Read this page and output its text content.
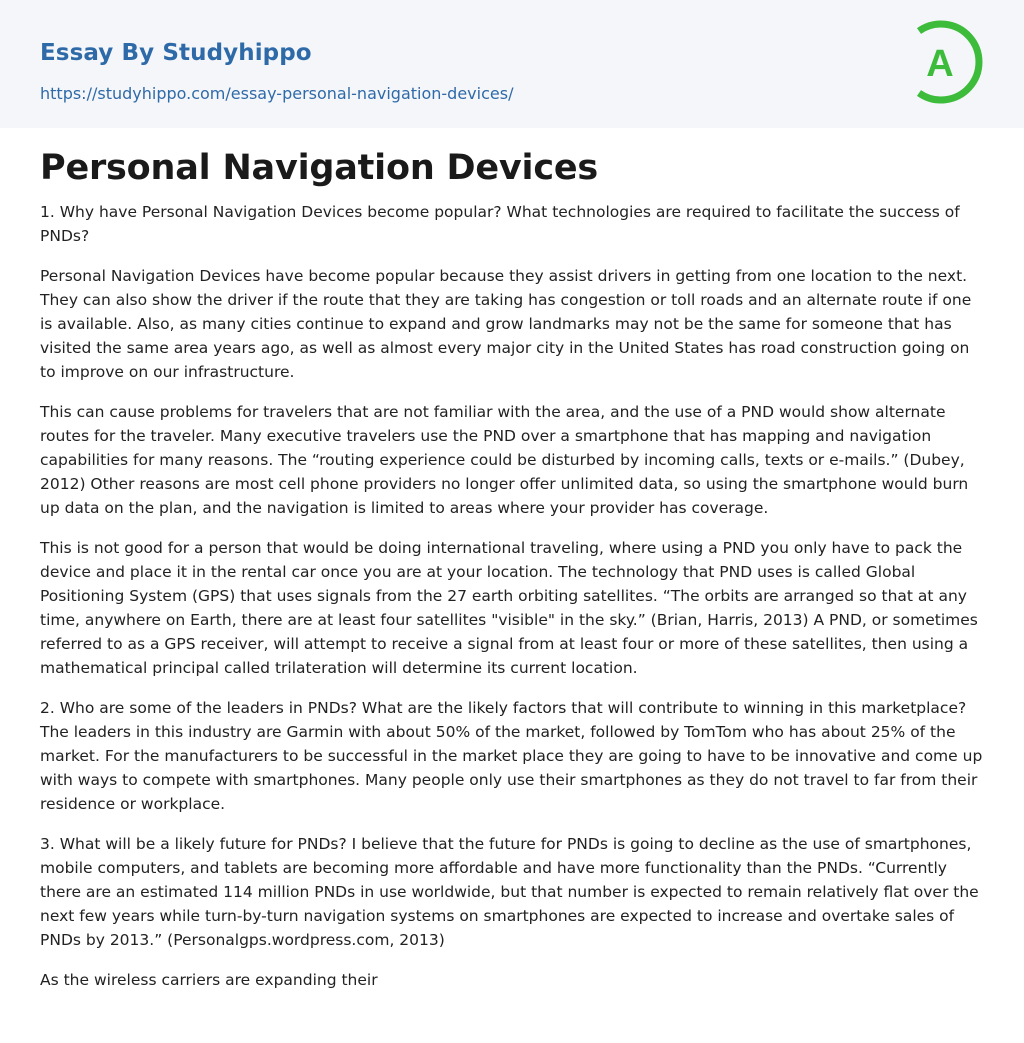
Essay By Studyhippo
https://studyhippo.com/essay-personal-navigation-devices/
A
Personal Navigation Devices

1. Why have Personal Navigation Devices become popular? What technologies are required to facilitate the success of PNDs?

Personal Navigation Devices have become popular because they assist drivers in getting from one location to the next. They can also show the driver if the route that they are taking has congestion or toll roads and an alternate route if one is available. Also, as many cities continue to expand and grow landmarks may not be the same for someone that has visited the same area years ago, as well as almost every major city in the United States has road construction going on to improve on our infrastructure.

This can cause problems for travelers that are not familiar with the area, and the use of a PND would show alternate routes for the traveler. Many executive travelers use the PND over a smartphone that has mapping and navigation capabilities for many reasons. The “routing experience could be disturbed by incoming calls, texts or e-mails.” (Dubey, 2012) Other reasons are most cell phone providers no longer offer unlimited data, so using the smartphone would burn up data on the plan, and the navigation is limited to areas where your provider has coverage.

This is not good for a person that would be doing international traveling, where using a PND you only have to pack the device and place it in the rental car once you are at your location. The technology that PND uses is called Global Positioning System (GPS) that uses signals from the 27 earth orbiting satellites. “The orbits are arranged so that at any time, anywhere on Earth, there are at least four satellites "visible" in the sky.” (Brian, Harris, 2013) A PND, or sometimes referred to as a GPS receiver, will attempt to receive a signal from at least four or more of these satellites, then using a mathematical principal called trilateration will determine its current location.

2. Who are some of the leaders in PNDs? What are the likely factors that will contribute to winning in this marketplace? The leaders in this industry are Garmin with about 50% of the market, followed by TomTom who has about 25% of the market. For the manufacturers to be successful in the market place they are going to have to be innovative and come up with ways to compete with smartphones. Many people only use their smartphones as they do not travel to far from their residence or workplace.

3. What will be a likely future for PNDs? I believe that the future for PNDs is going to decline as the use of smartphones, mobile computers, and tablets are becoming more affordable and have more functionality than the PNDs. “Currently there are an estimated 114 million PNDs in use worldwide, but that number is expected to remain relatively flat over the next few years while turn-by-turn navigation systems on smartphones are expected to increase and overtake sales of PNDs by 2013.” (Personalgps.wordpress.com, 2013)

As the wireless carriers are expanding their
